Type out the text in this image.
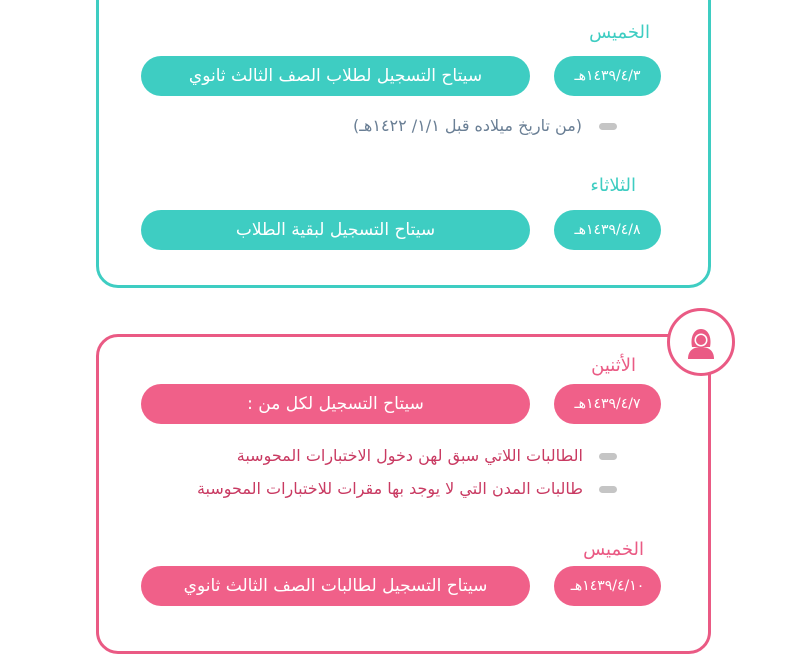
الخميس
١٤٣٩/٤/٣هـ
سيتاح التسجيل لطلاب الصف الثالث ثانوي
(من تاريخ ميلاده قبل ١/١/ ١٤٢٢هـ)
الثلاثاء
١٤٣٩/٤/٨هـ
سيتاح التسجيل لبقية الطلاب
الأثنين
١٤٣٩/٤/٧هـ
سيتاح التسجيل لكل من :
الطالبات اللاتي سبق لهن دخول الاختبارات المحوسبة
طالبات المدن التي لا يوجد بها مقرات للاختبارات المحوسبة
الخميس
١٤٣٩/٤/١٠هـ
سيتاح التسجيل لطالبات الصف الثالث ثانوي
